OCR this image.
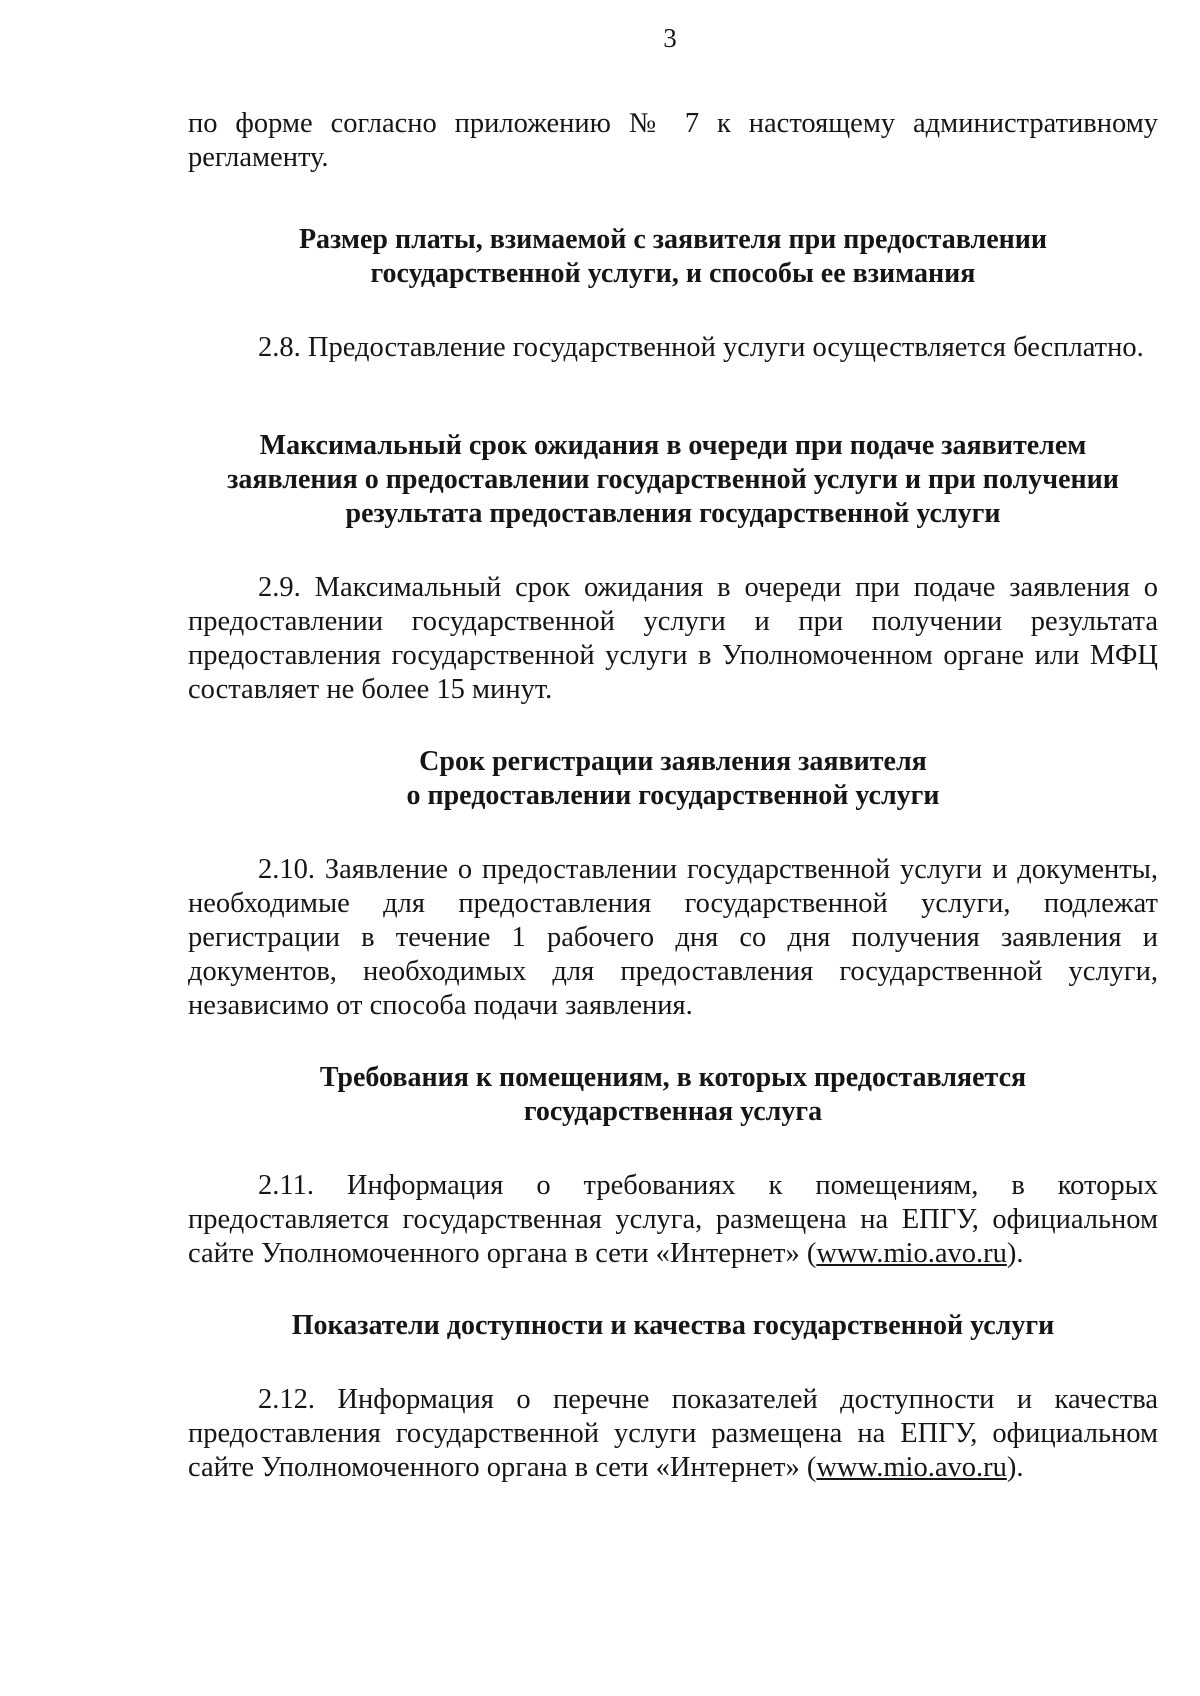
3

по форме согласно приложению № 7 к настоящему административному регламенту.

Размер платы, взимаемой с заявителя при предоставлении
государственной услуги, и способы ее взимания

2.8. Предоставление государственной услуги осуществляется бесплатно.

Максимальный срок ожидания в очереди при подаче заявителем
заявления о предоставлении государственной услуги и при получении
результата предоставления государственной услуги

2.9. Максимальный срок ожидания в очереди при подаче заявления о предоставлении государственной услуги и при получении результата предоставления государственной услуги в Уполномоченном органе или МФЦ составляет не более 15 минут.

Срок регистрации заявления заявителя
о предоставлении государственной услуги

2.10. Заявление о предоставлении государственной услуги и документы, необходимые для предоставления государственной услуги, подлежат регистрации в течение 1 рабочего дня со дня получения заявления и документов, необходимых для предоставления государственной услуги, независимо от способа подачи заявления.

Требования к помещениям, в которых предоставляется
государственная услуга

2.11. Информация о требованиях к помещениям, в которых предоставляется государственная услуга, размещена на ЕПГУ, официальном сайте Уполномоченного органа в сети «Интернет» (www.mio.avo.ru).

Показатели доступности и качества государственной услуги

2.12. Информация о перечне показателей доступности и качества предоставления государственной услуги размещена на ЕПГУ, официальном сайте Уполномоченного органа в сети «Интернет» (www.mio.avo.ru).
